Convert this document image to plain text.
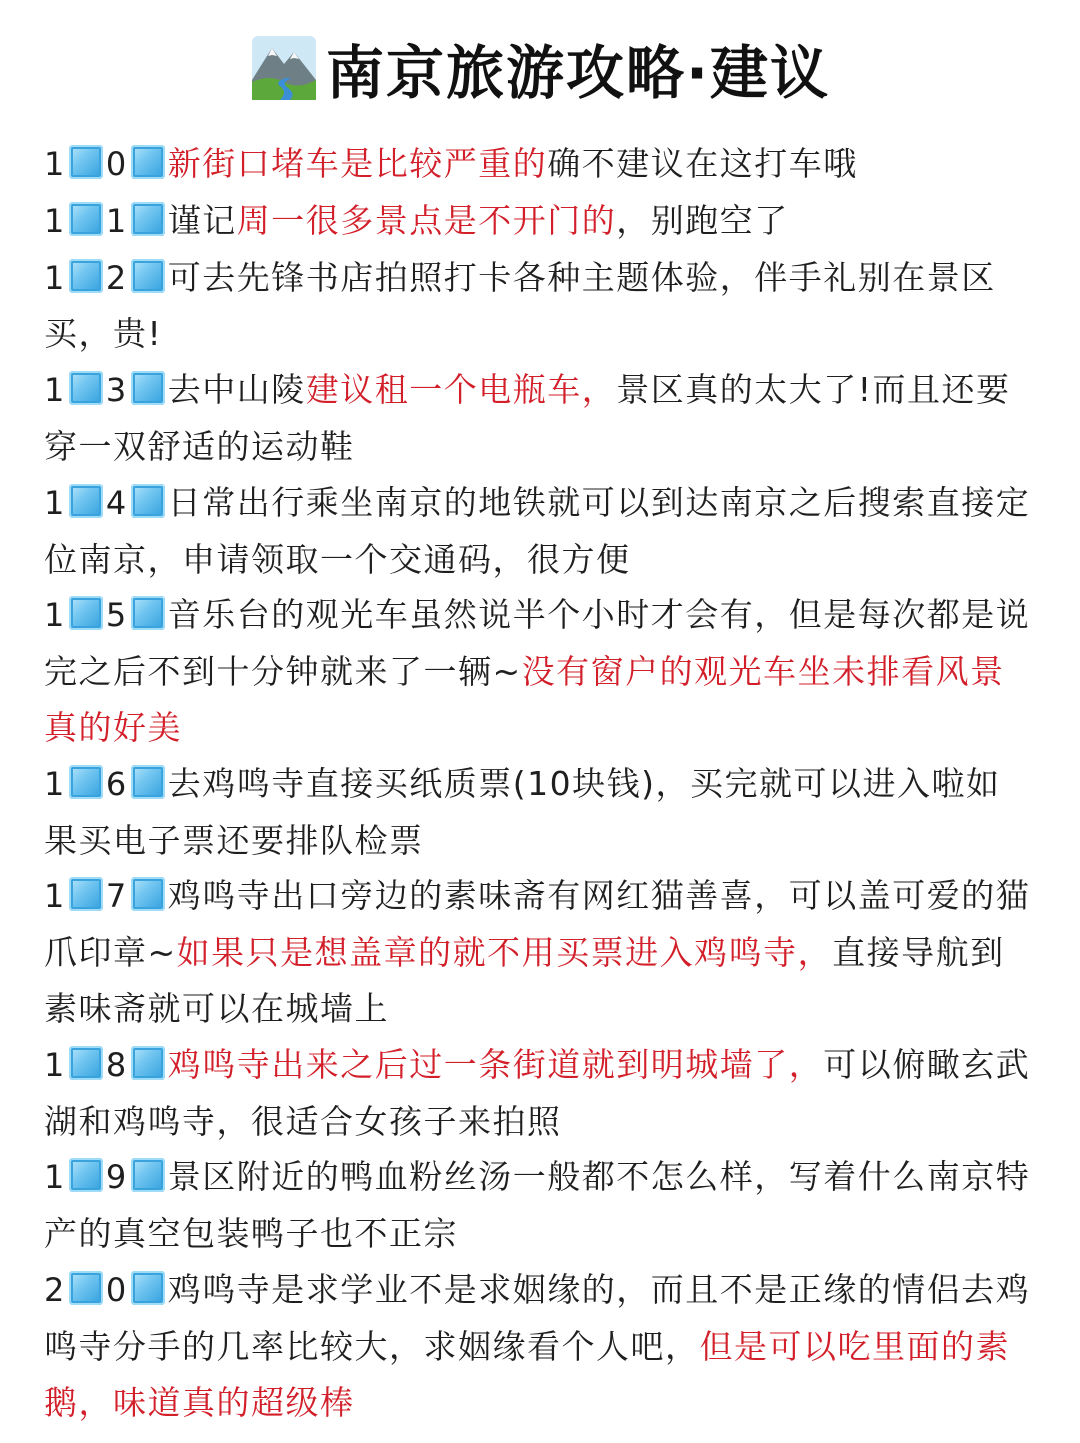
南京旅游攻略·建议
1 0 新街口堵车是比较严重的确不建议在这打车哦
1 1 谨记周一很多景点是不开门的，别跑空了
1 2 可去先锋书店拍照打卡各种主题体验，伴手礼别在景区买，贵!
1 3 去中山陵建议租一个电瓶车，景区真的太大了!而且还要穿一双舒适的运动鞋
1 4 日常出行乘坐南京的地铁就可以到达南京之后搜索直接定位南京，申请领取一个交通码，很方便
1 5 音乐台的观光车虽然说半个小时才会有，但是每次都是说完之后不到十分钟就来了一辆~没有窗户的观光车坐未排看风景真的好美
1 6 去鸡鸣寺直接买纸质票(10块钱)，买完就可以进入啦如果买电子票还要排队检票
1 7 鸡鸣寺出口旁边的素味斋有网红猫善喜，可以盖可爱的猫爪印章~如果只是想盖章的就不用买票进入鸡鸣寺，直接导航到素味斋就可以在城墙上
1 8 鸡鸣寺出来之后过一条街道就到明城墙了，可以俯瞰玄武湖和鸡鸣寺，很适合女孩子来拍照
1 9 景区附近的鸭血粉丝汤一般都不怎么样，写着什么南京特产的真空包装鸭子也不正宗
2 0 鸡鸣寺是求学业不是求姻缘的，而且不是正缘的情侣去鸡鸣寺分手的几率比较大，求姻缘看个人吧，但是可以吃里面的素鹅，味道真的超级棒
